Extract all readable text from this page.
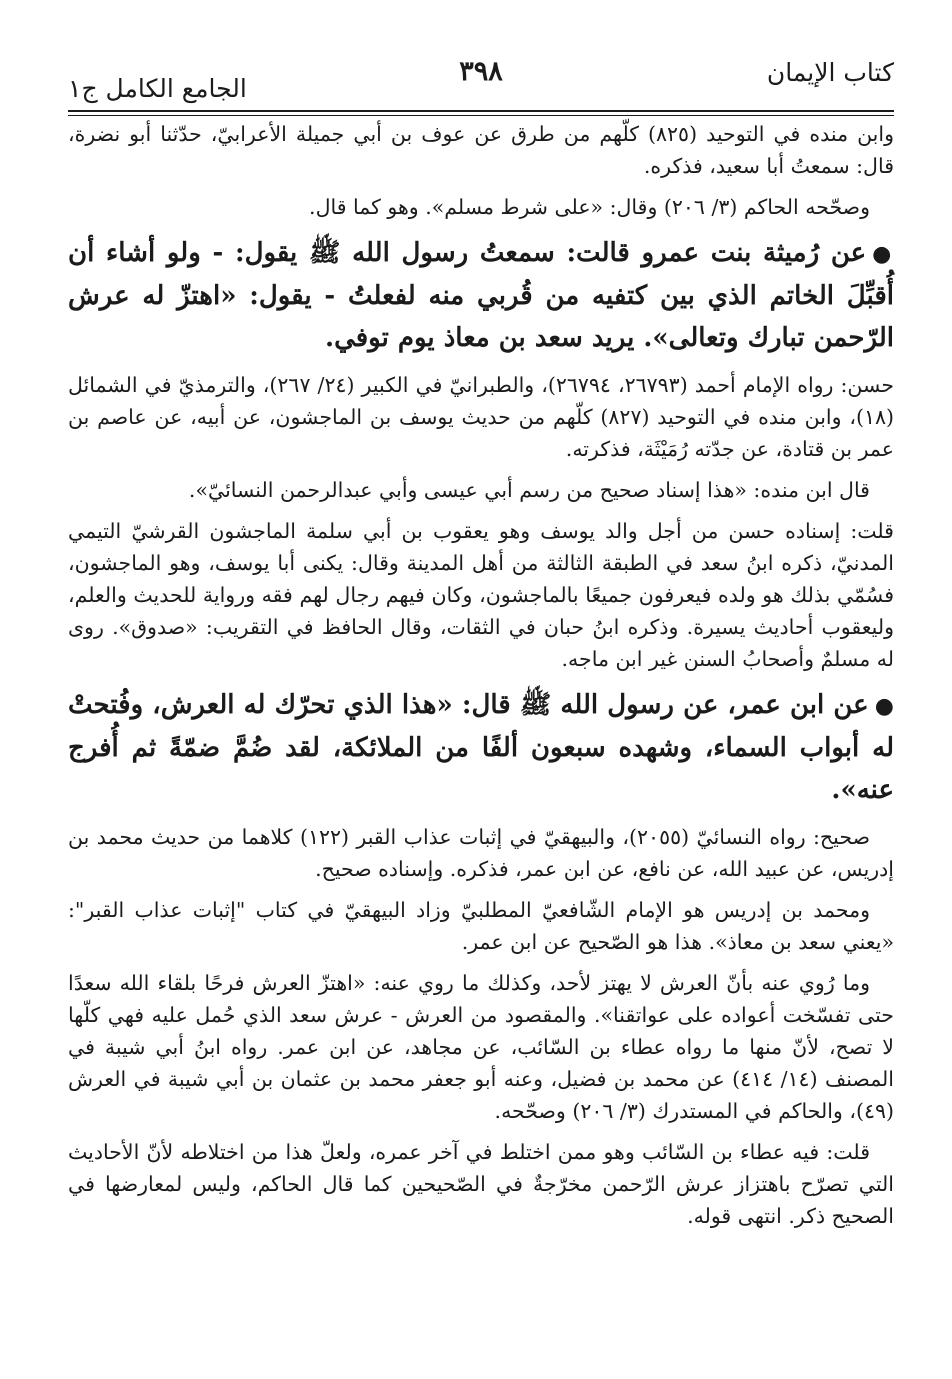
كتاب الإيمان
٣٩٨
الجامع الكامل ج١

وابن منده في التوحيد (٨٢٥) كلّهم من طرق عن عوف بن أبي جميلة الأعرابيّ، حدّثنا أبو نضرة، قال: سمعتُ أبا سعيد، فذكره.

وصحّحه الحاكم (٣/ ٢٠٦) وقال: «على شرط مسلم». وهو كما قال.

●عن رُميثة بنت عمرو قالت: سمعتُ رسول الله ﷺ يقول: - ولو أشاء أن أُقبِّلَ الخاتم الذي بين كتفيه من قُربي منه لفعلتُ - يقول: «اهتزّ له عرش الرّحمن تبارك وتعالى». يريد سعد بن معاذ يوم توفي.

حسن: رواه الإمام أحمد (٢٦٧٩٣، ٢٦٧٩٤)، والطبرانيّ في الكبير (٢٤/ ٢٦٧)، والترمذيّ في الشمائل (١٨)، وابن منده في التوحيد (٨٢٧) كلّهم من حديث يوسف بن الماجشون، عن أبيه، عن عاصم بن عمر بن قتادة، عن جدّته رُمَيْثَة، فذكرته.

قال ابن منده: «هذا إسناد صحيح من رسم أبي عيسى وأبي عبدالرحمن النسائيّ».

قلت: إسناده حسن من أجل والد يوسف وهو يعقوب بن أبي سلمة الماجشون القرشيّ التيمي المدنيّ، ذكره ابنُ سعد في الطبقة الثالثة من أهل المدينة وقال: يكنى أبا يوسف، وهو الماجشون، فسُمّي بذلك هو ولده فيعرفون جميعًا بالماجشون، وكان فيهم رجال لهم فقه ورواية للحديث والعلم، وليعقوب أحاديث يسيرة. وذكره ابنُ حبان في الثقات، وقال الحافظ في التقريب: «صدوق». روى له مسلمٌ وأصحابُ السنن غير ابن ماجه.

●عن ابن عمر، عن رسول الله ﷺ قال: «هذا الذي تحرّك له العرش، وفُتحتْ له أبواب السماء، وشهده سبعون ألفًا من الملائكة، لقد ضُمَّ ضمّةً ثم أُفرج عنه».

صحيح: رواه النسائيّ (٢٠٥٥)، والبيهقيّ في إثبات عذاب القبر (١٢٢) كلاهما من حديث محمد بن إدريس، عن عبيد الله، عن نافع، عن ابن عمر، فذكره. وإسناده صحيح.

ومحمد بن إدريس هو الإمام الشّافعيّ المطلبيّ وزاد البيهقيّ في كتاب "إثبات عذاب القبر": «يعني سعد بن معاذ». هذا هو الصّحيح عن ابن عمر.

وما رُوي عنه بأنّ العرش لا يهتز لأحد، وكذلك ما روي عنه: «اهتزّ العرش فرحًا بلقاء الله سعدًا حتى تفسّخت أعواده على عواتقنا». والمقصود من العرش - عرش سعد الذي حُمل عليه فهي كلّها لا تصح، لأنّ منها ما رواه عطاء بن السّائب، عن مجاهد، عن ابن عمر. رواه ابنُ أبي شيبة في المصنف (١٤/ ٤١٤) عن محمد بن فضيل، وعنه أبو جعفر محمد بن عثمان بن أبي شيبة في العرش (٤٩)، والحاكم في المستدرك (٣/ ٢٠٦) وصحّحه.

قلت: فيه عطاء بن السّائب وهو ممن اختلط في آخر عمره، ولعلّ هذا من اختلاطه لأنّ الأحاديث التي تصرّح باهتزاز عرش الرّحمن مخرّجةٌ في الصّحيحين كما قال الحاكم، وليس لمعارضها في الصحيح ذكر. انتهى قوله.
